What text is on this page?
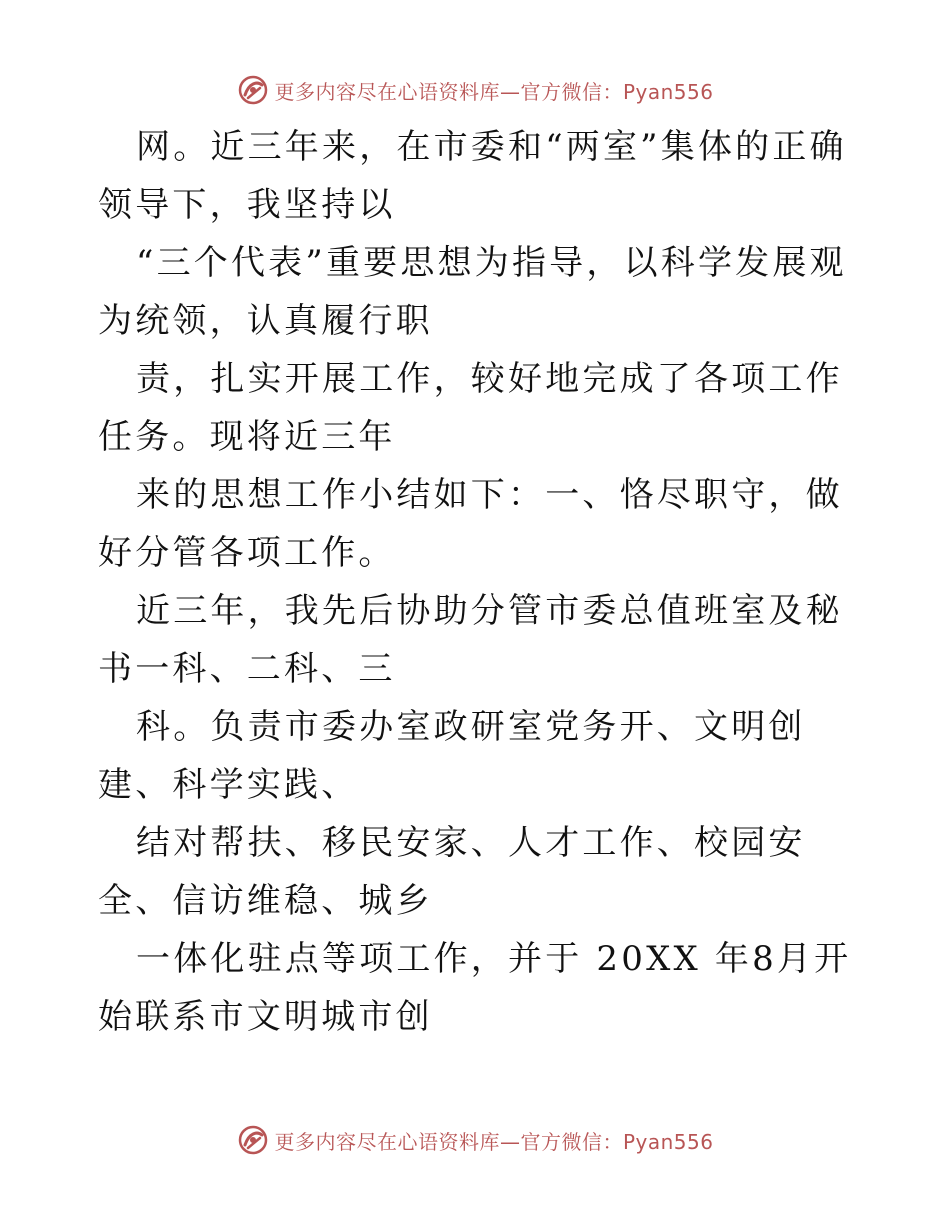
更多内容尽在心语资料库—官方微信：Pyan556

网。近三年来，在市委和“两室”集体的正确领导下，我坚持以

“三个代表”重要思想为指导，以科学发展观为统领，认真履行职

责，扎实开展工作，较好地完成了各项工作任务。现将近三年

来的思想工作小结如下：一、恪尽职守，做好分管各项工作。

近三年，我先后协助分管市委总值班室及秘书一科、二科、三

科。负责市委办室政研室党务开、文明创建、科学实践、

结对帮扶、移民安家、人才工作、校园安全、信访维稳、城乡

一体化驻点等项工作，并于 20XX 年8月开始联系市文明城市创

更多内容尽在心语资料库—官方微信：Pyan556
